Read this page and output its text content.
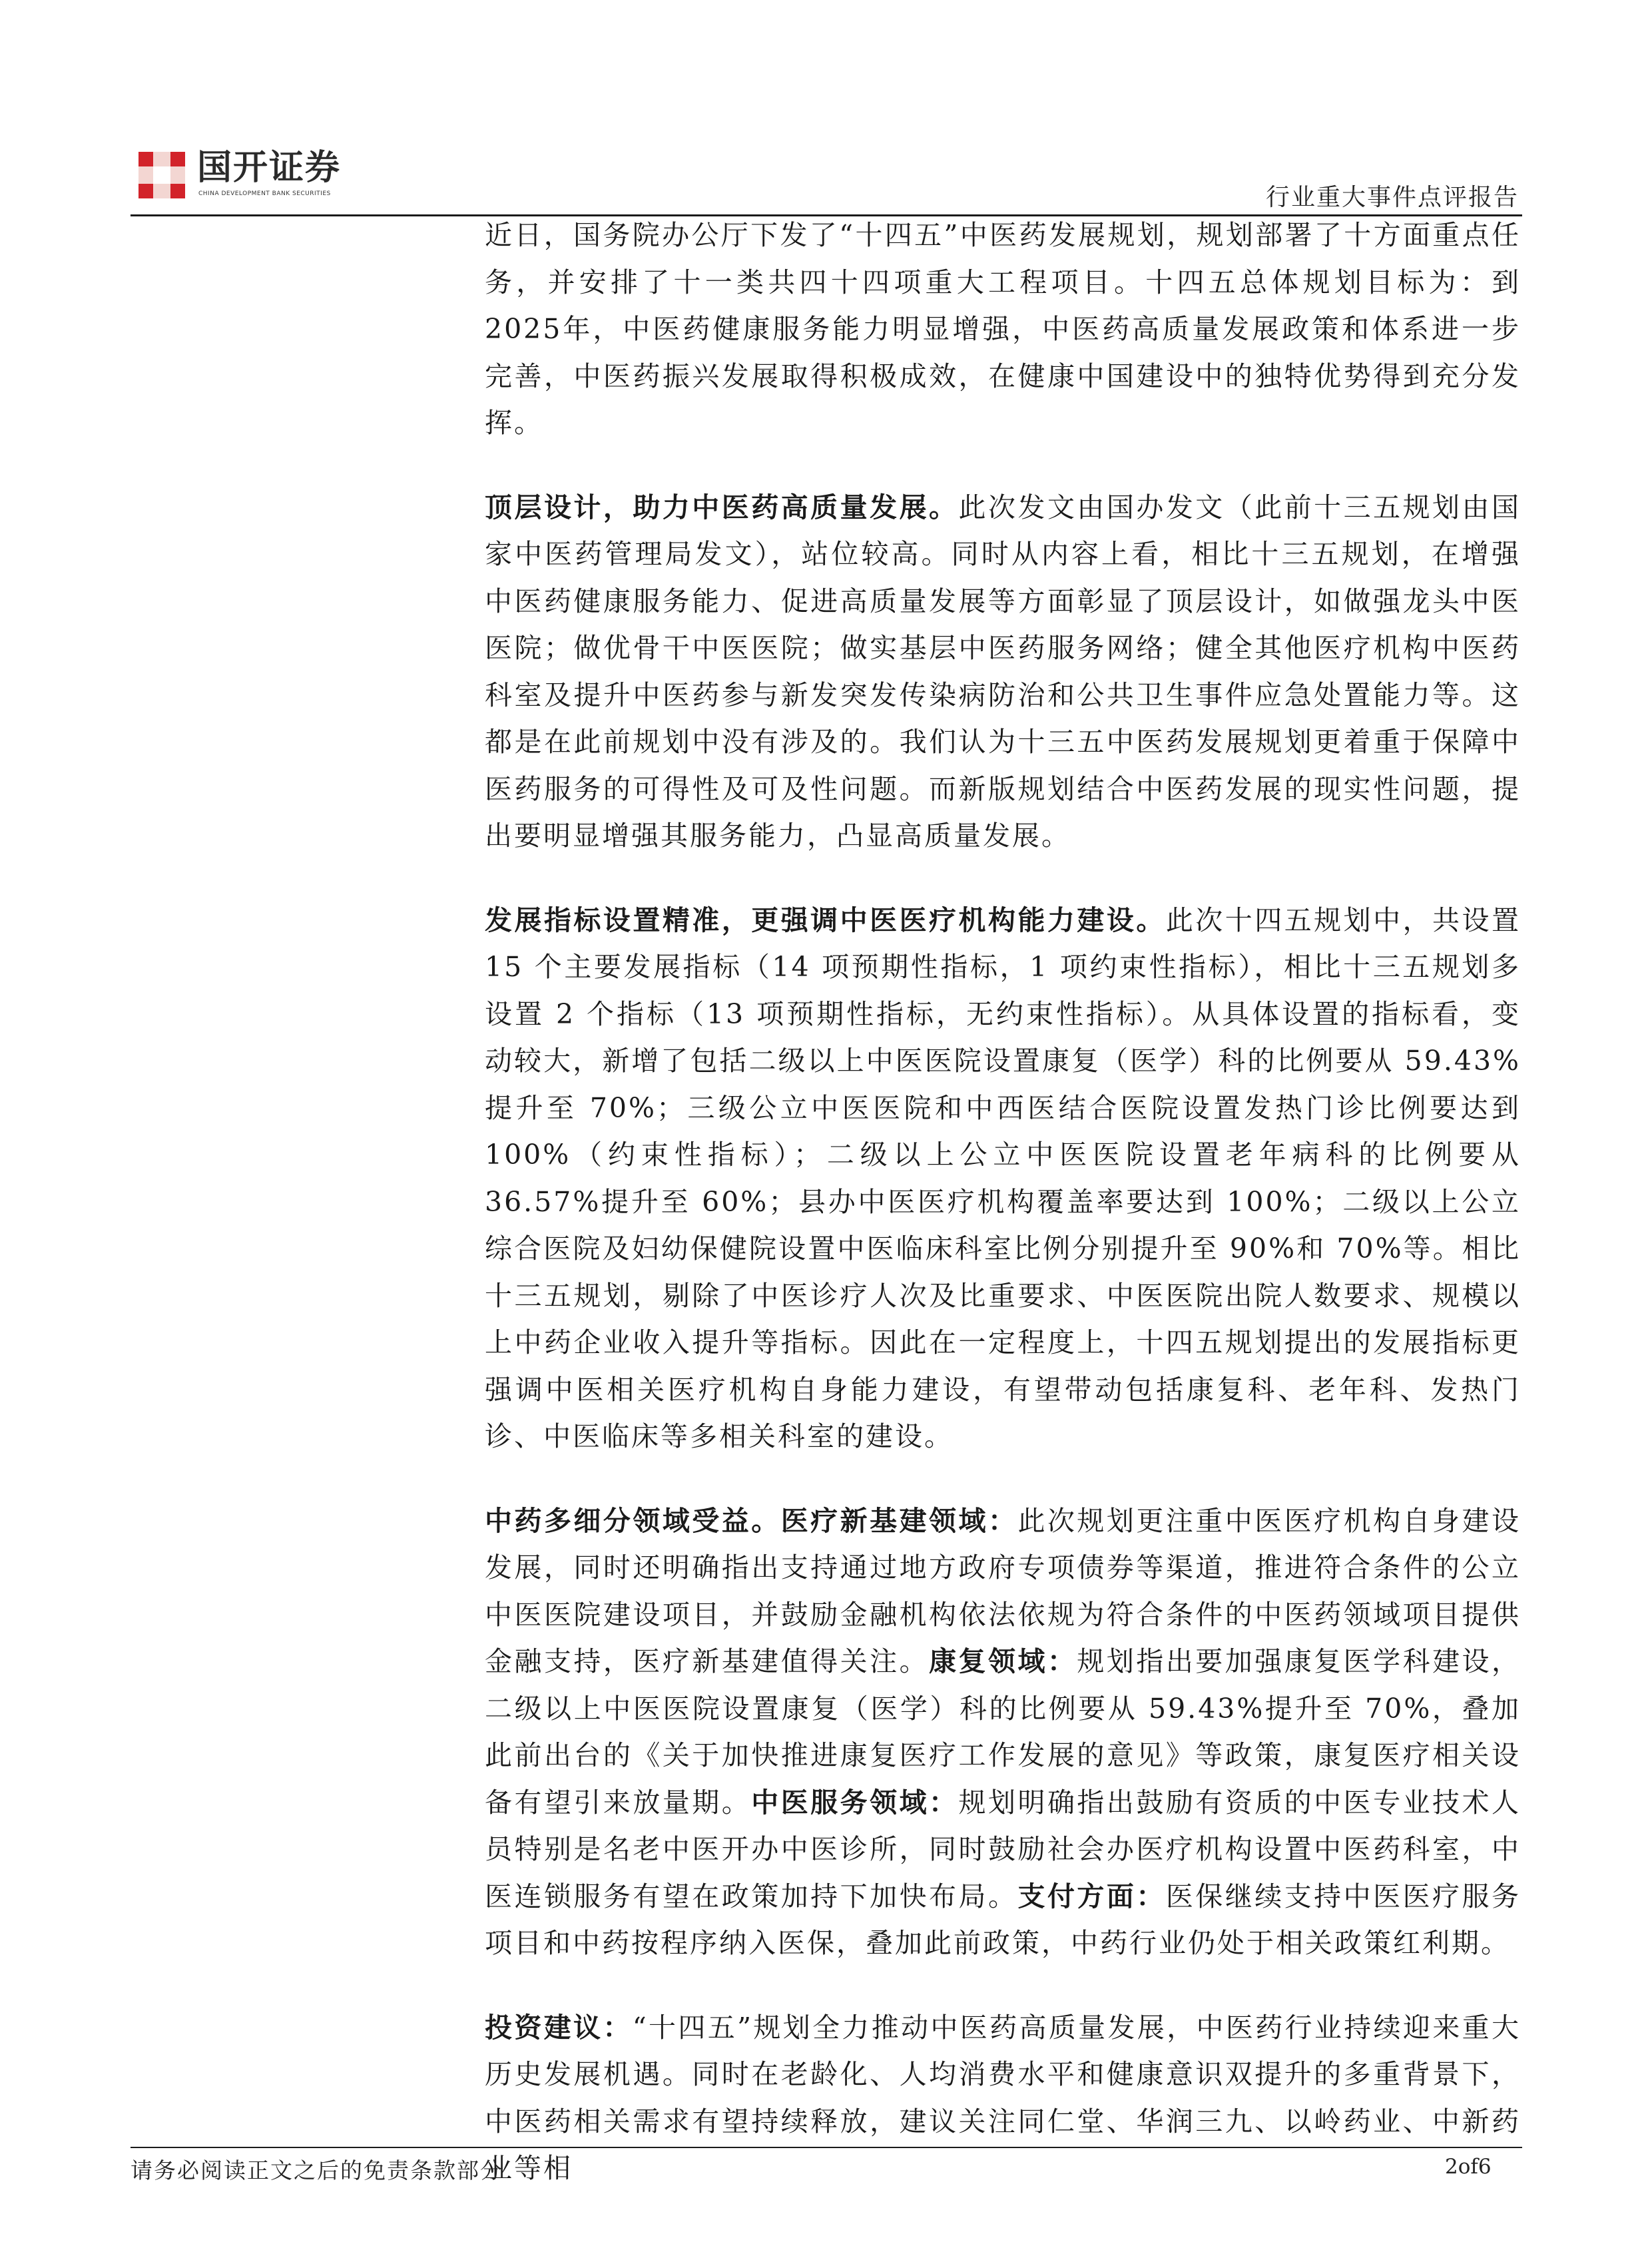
国开证券
CHINA DEVELOPMENT BANK SECURITIES	行业重大事件点评报告

近日，国务院办公厅下发了“十四五”中医药发展规划，规划部署了十方面重点任务，并安排了十一类共四十四项重大工程项目。十四五总体规划目标为：到 2025年，中医药健康服务能力明显增强，中医药高质量发展政策和体系进一步完善，中医药振兴发展取得积极成效，在健康中国建设中的独特优势得到充分发挥。

顶层设计，助力中医药高质量发展。此次发文由国办发文（此前十三五规划由国家中医药管理局发文），站位较高。同时从内容上看，相比十三五规划，在增强中医药健康服务能力、促进高质量发展等方面彰显了顶层设计，如做强龙头中医医院；做优骨干中医医院；做实基层中医药服务网络；健全其他医疗机构中医药科室及提升中医药参与新发突发传染病防治和公共卫生事件应急处置能力等。这都是在此前规划中没有涉及的。我们认为十三五中医药发展规划更着重于保障中医药服务的可得性及可及性问题。而新版规划结合中医药发展的现实性问题，提出要明显增强其服务能力，凸显高质量发展。

发展指标设置精准，更强调中医医疗机构能力建设。此次十四五规划中，共设置 15 个主要发展指标（14 项预期性指标，1 项约束性指标），相比十三五规划多设置 2 个指标（13 项预期性指标，无约束性指标）。从具体设置的指标看，变动较大，新增了包括二级以上中医医院设置康复（医学）科的比例要从 59.43%提升至 70%；三级公立中医医院和中西医结合医院设置发热门诊比例要达到 100%（约束性指标）；二级以上公立中医医院设置老年病科的比例要从 36.57%提升至 60%；县办中医医疗机构覆盖率要达到 100%；二级以上公立综合医院及妇幼保健院设置中医临床科室比例分别提升至 90%和 70%等。相比十三五规划，剔除了中医诊疗人次及比重要求、中医医院出院人数要求、规模以上中药企业收入提升等指标。因此在一定程度上，十四五规划提出的发展指标更强调中医相关医疗机构自身能力建设，有望带动包括康复科、老年科、发热门诊、中医临床等多相关科室的建设。

中药多细分领域受益。医疗新基建领域：此次规划更注重中医医疗机构自身建设发展，同时还明确指出支持通过地方政府专项债券等渠道，推进符合条件的公立中医医院建设项目，并鼓励金融机构依法依规为符合条件的中医药领域项目提供金融支持，医疗新基建值得关注。康复领域：规划指出要加强康复医学科建设，二级以上中医医院设置康复（医学）科的比例要从 59.43%提升至 70%，叠加此前出台的《关于加快推进康复医疗工作发展的意见》等政策，康复医疗相关设备有望引来放量期。中医服务领域：规划明确指出鼓励有资质的中医专业技术人员特别是名老中医开办中医诊所，同时鼓励社会办医疗机构设置中医药科室，中医连锁服务有望在政策加持下加快布局。支付方面：医保继续支持中医医疗服务项目和中药按程序纳入医保，叠加此前政策，中药行业仍处于相关政策红利期。

投资建议：“十四五”规划全力推动中医药高质量发展，中医药行业持续迎来重大历史发展机遇。同时在老龄化、人均消费水平和健康意识双提升的多重背景下，中医药相关需求有望持续释放，建议关注同仁堂、华润三九、以岭药业、中新药业等相

请务必阅读正文之后的免责条款部分	2of6
